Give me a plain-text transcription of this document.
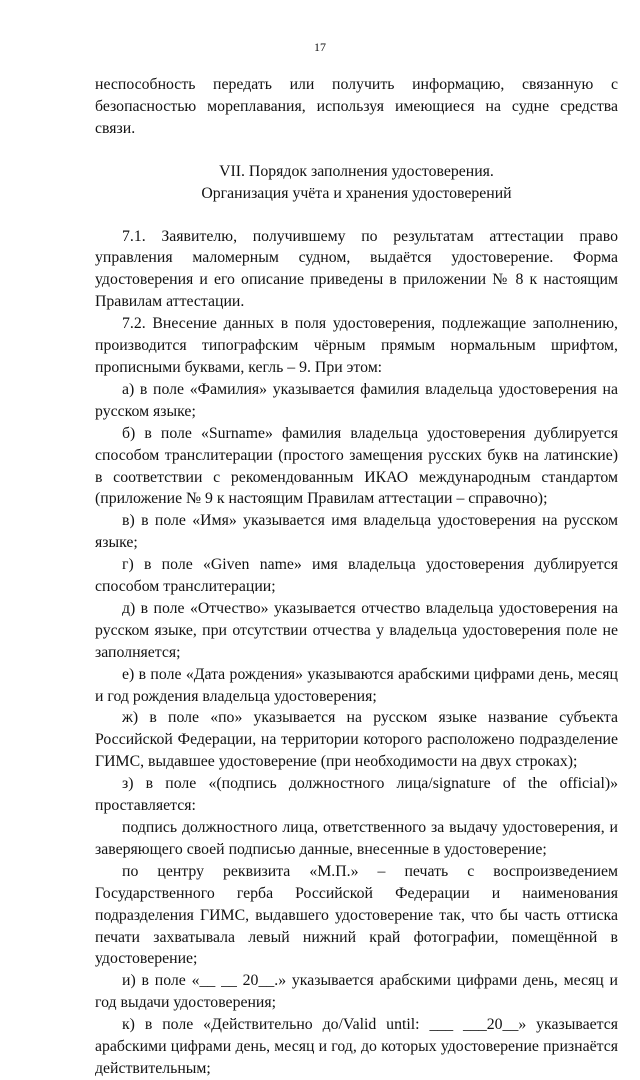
17

неспособность передать или получить информацию, связанную с безопасностью мореплавания, используя имеющиеся на судне средства связи.

VII. Порядок заполнения удостоверения.

Организация учёта и хранения удостоверений

7.1. Заявителю, получившему по результатам аттестации право управления маломерным судном, выдаётся удостоверение. Форма удостоверения и его описание приведены в приложении № 8 к настоящим Правилам аттестации.

7.2. Внесение данных в поля удостоверения, подлежащие заполнению, производится типографским чёрным прямым нормальным шрифтом, прописными буквами, кегль – 9. При этом:

а) в поле «Фамилия» указывается фамилия владельца удостоверения на русском языке;

б) в поле «Surname» фамилия владельца удостоверения дублируется способом транслитерации (простого замещения русских букв на латинские) в соответствии с рекомендованным ИКАО международным стандартом (приложение № 9 к настоящим Правилам аттестации – справочно);

в) в поле «Имя» указывается имя владельца удостоверения на русском языке;

г) в поле «Given name» имя владельца удостоверения дублируется способом транслитерации;

д) в поле «Отчество» указывается отчество владельца удостоверения на русском языке, при отсутствии отчества у владельца удостоверения поле не заполняется;

е) в поле «Дата рождения» указываются арабскими цифрами день, месяц и год рождения владельца удостоверения;

ж) в поле «по» указывается на русском языке название субъекта Российской Федерации, на территории которого расположено подразделение ГИМС, выдавшее удостоверение (при необходимости на двух строках);

з) в поле «(подпись должностного лица/signature of the official)» проставляется:

подпись должностного лица, ответственного за выдачу удостоверения, и заверяющего своей подписью данные, внесенные в удостоверение;

по центру реквизита «М.П.» – печать с воспроизведением Государственного герба Российской Федерации и наименования подразделения ГИМС, выдавшего удостоверение так, что бы часть оттиска печати захватывала левый нижний край фотографии, помещённой в удостоверение;

и) в поле «__ __ 20__.» указывается арабскими цифрами день, месяц и год выдачи удостоверения;

к) в поле «Действительно до/Valid until: ___ ___20__» указывается арабскими цифрами день, месяц и год, до которых удостоверение признаётся действительным;
